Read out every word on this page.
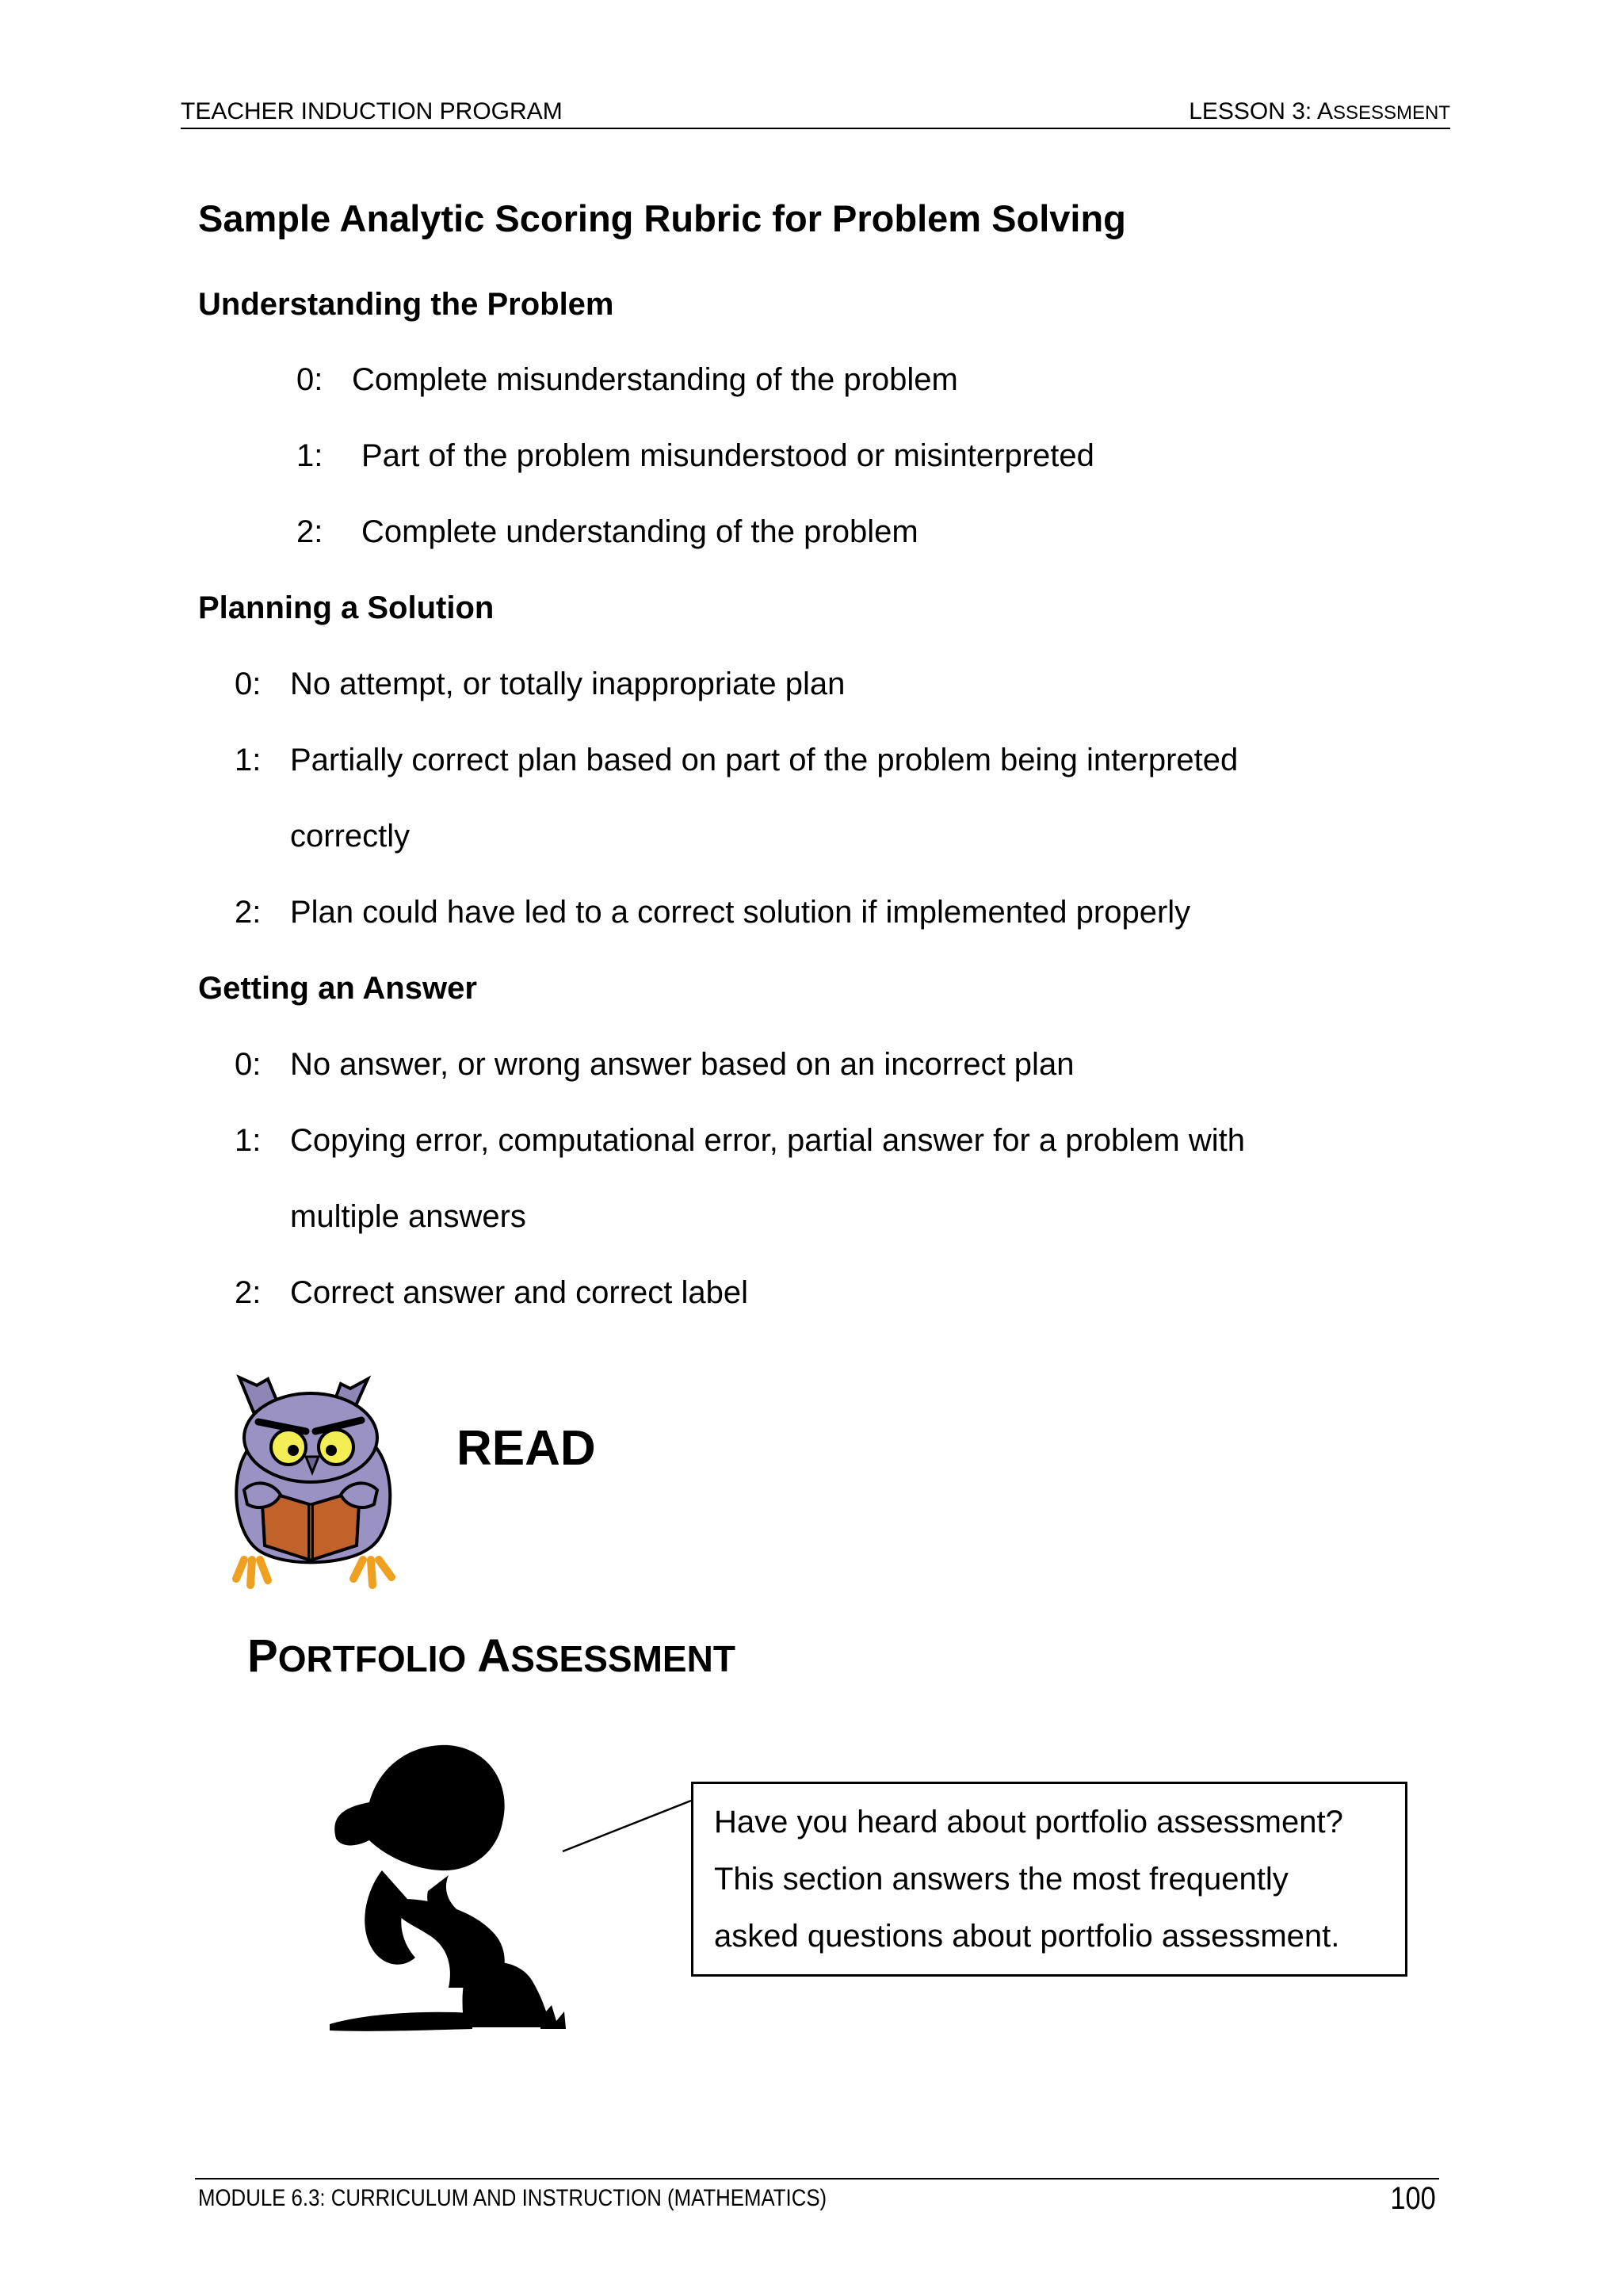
TEACHER INDUCTION PROGRAM	LESSON 3: ASSESSMENT
Sample Analytic Scoring Rubric for Problem Solving
Understanding the Problem
0: Complete misunderstanding of the problem
1: Part of the problem misunderstood or misinterpreted
2: Complete understanding of the problem
Planning a Solution
0: No attempt, or totally inappropriate plan
1: Partially correct plan based on part of the problem being interpreted
correctly
2: Plan could have led to a correct solution if implemented properly
Getting an Answer
0: No answer, or wrong answer based on an incorrect plan
1: Copying error, computational error, partial answer for a problem with
multiple answers
2: Correct answer and correct label
READ
PORTFOLIO ASSESSMENT
Have you heard about portfolio assessment?
This section answers the most frequently
asked questions about portfolio assessment.
MODULE 6.3: CURRICULUM AND INSTRUCTION (MATHEMATICS)	100
